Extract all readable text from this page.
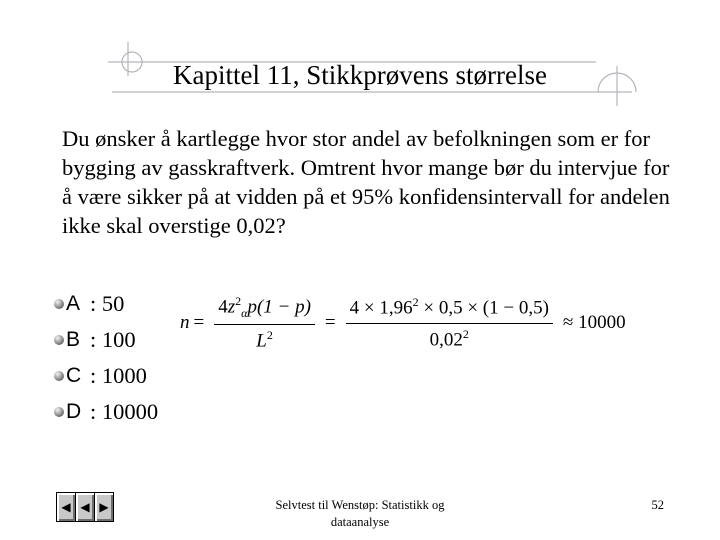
Kapittel 11, Stikkprøvens størrelse
Du ønsker å kartlegge hvor stor andel av befolkningen som er for bygging av gasskraftverk. Omtrent hvor mange bør du intervjue for å være sikker på at vidden på et 95% konfidensintervall for andelen ikke skal overstige 0,02?
A : 50
B : 100
C : 1000
D : 10000
$n = \frac{4z^2_\alpha p(1 - p)}{L^2} = \frac{4 \times 1,96^2 \times 0,5 \times (1 - 0,5)}{0,02^2} \approx 10000$
◀ ◀ ▶	Selvtest til Wenstøp: Statistikk og
dataanalyse
52
